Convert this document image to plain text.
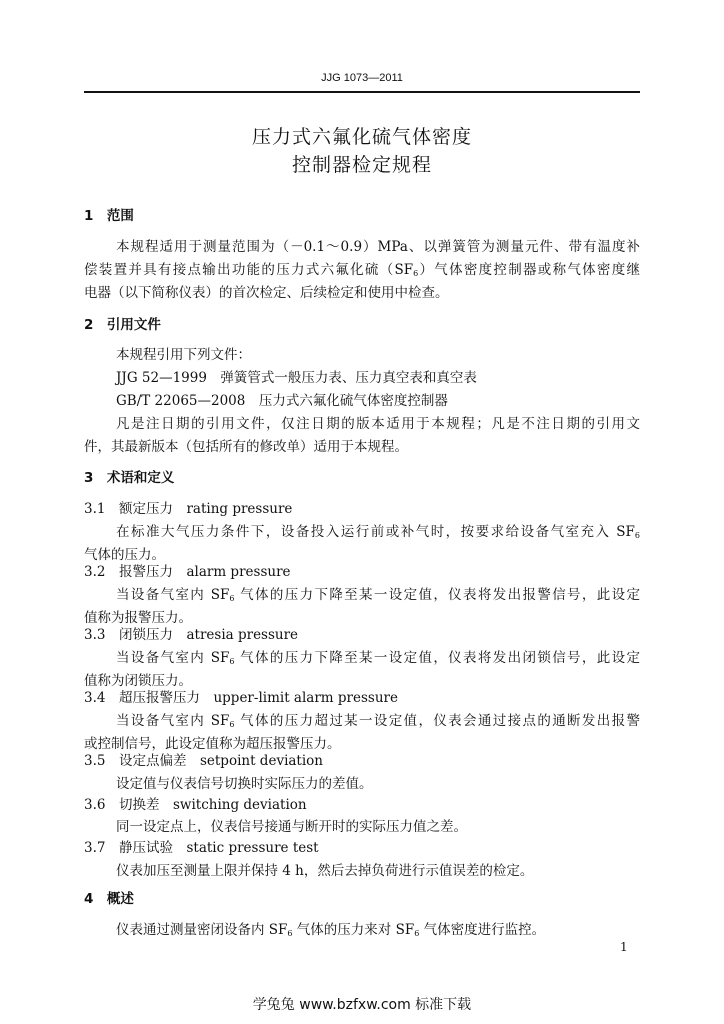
JJG 1073—2011
压力式六氟化硫气体密度
控制器检定规程
1　范围
本规程适用于测量范围为（－0.1～0.9）MPa、以弹簧管为测量元件、带有温度补
偿装置并具有接点输出功能的压力式六氟化硫$(SF_6)$气体密度控制器或称气体密度继
电器（以下简称仪表）的首次检定、后续检定和使用中检查。
2　引用文件
本规程引用下列文件：
JJG 52—1999　弹簧管式一般压力表、压力真空表和真空表
GB/T 22065—2008　压力式六氟化硫气体密度控制器
凡是注日期的引用文件，仅注日期的版本适用于本规程；凡是不注日期的引用文
件，其最新版本（包括所有的修改单）适用于本规程。
3　术语和定义
3.1　额定压力　rating pressure
在标准大气压力条件下，设备投入运行前或补气时，按要求给设备气室充入 $SF_6$
气体的压力。
3.2　报警压力　alarm pressure
当设备气室内 $SF_6$ 气体的压力下降至某一设定值，仪表将发出报警信号，此设定
值称为报警压力。
3.3　闭锁压力　atresia pressure
当设备气室内 $SF_6$ 气体的压力下降至某一设定值，仪表将发出闭锁信号，此设定
值称为闭锁压力。
3.4　超压报警压力　upper-limit alarm pressure
当设备气室内 $SF_6$ 气体的压力超过某一设定值，仪表会通过接点的通断发出报警
或控制信号，此设定值称为超压报警压力。
3.5　设定点偏差　setpoint deviation
设定值与仪表信号切换时实际压力的差值。
3.6　切换差　switching deviation
同一设定点上，仪表信号接通与断开时的实际压力值之差。
3.7　静压试验　static pressure test
仪表加压至测量上限并保持 4 h，然后去掉负荷进行示值误差的检定。
4　概述
仪表通过测量密闭设备内 $SF_6$ 气体的压力来对 $SF_6$ 气体密度进行监控。
1
学兔兔 www.bzfxw.com 标准下载
